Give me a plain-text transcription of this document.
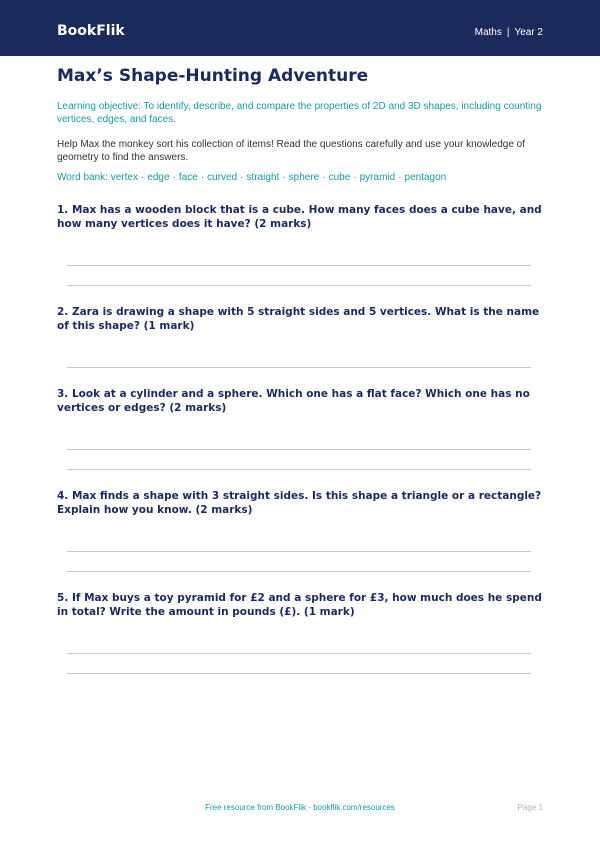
BookFlik	Maths | Year 2
Max’s Shape-Hunting Adventure

Learning objective: To identify, describe, and compare the properties of 2D and 3D shapes, including counting vertices, edges, and faces.

Help Max the monkey sort his collection of items! Read the questions carefully and use your knowledge of geometry to find the answers.

Word bank: vertex · edge · face · curved · straight · sphere · cube · pyramid · pentagon

1. Max has a wooden block that is a cube. How many faces does a cube have, and how many vertices does it have? (2 marks)

2. Zara is drawing a shape with 5 straight sides and 5 vertices. What is the name of this shape? (1 mark)

3. Look at a cylinder and a sphere. Which one has a flat face? Which one has no vertices or edges? (2 marks)

4. Max finds a shape with 3 straight sides. Is this shape a triangle or a rectangle? Explain how you know. (2 marks)

5. If Max buys a toy pyramid for £2 and a sphere for £3, how much does he spend in total? Write the amount in pounds (£). (1 mark)

Free resource from BookFlik · bookflik.com/resources	Page 1
